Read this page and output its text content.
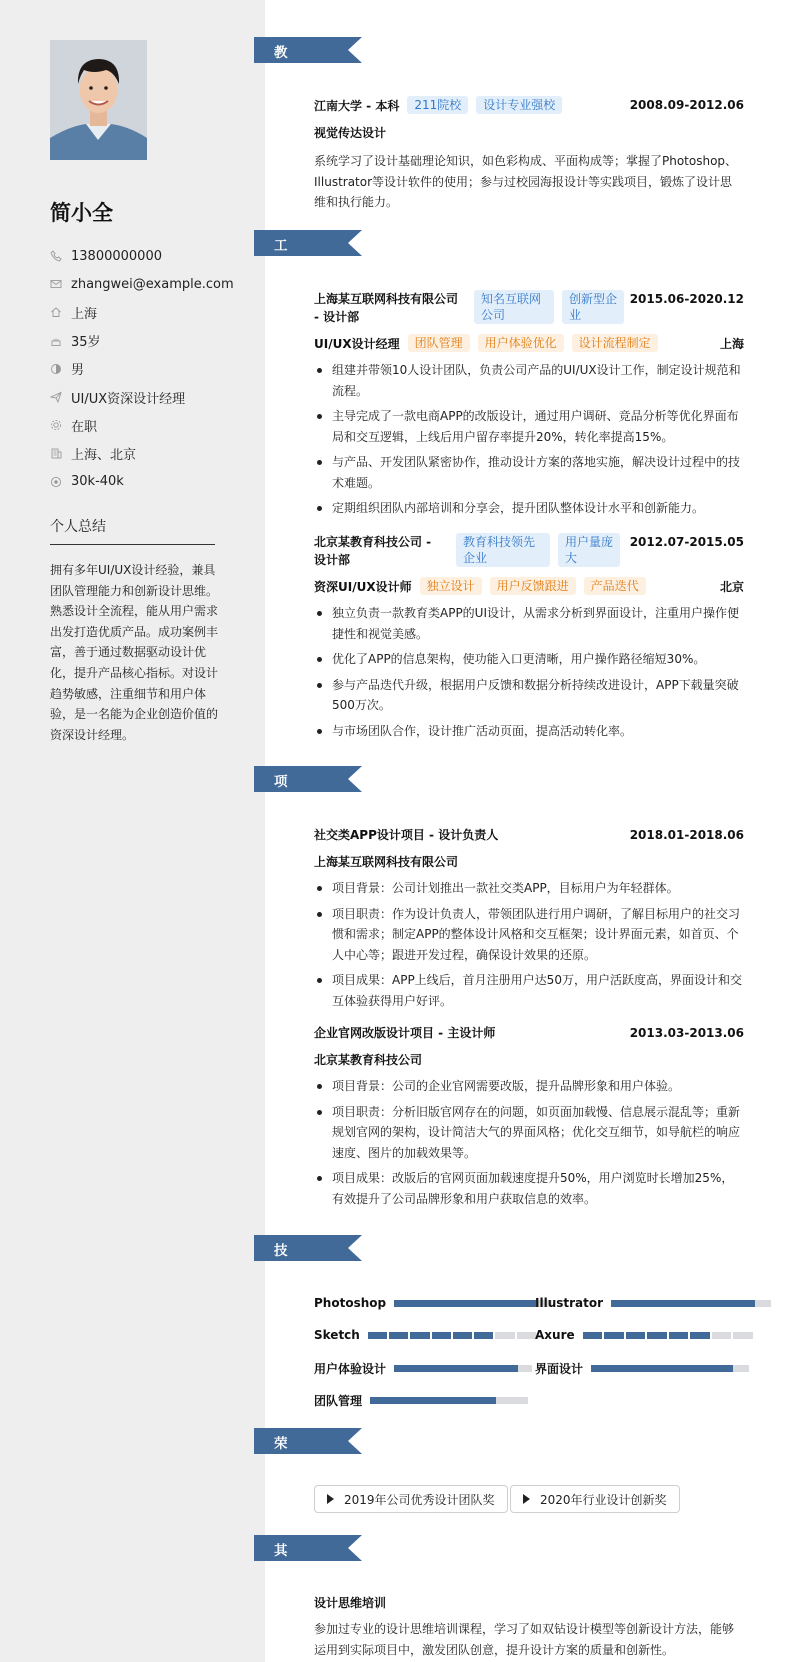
简小全
13800000000
zhangwei@example.com
上海
35岁
男
UI/UX资深设计经理
在职
上海、北京
30k-40k
个人总结
拥有多年UI/UX设计经验，兼具团队管理能力和创新设计思维。熟悉设计全流程，能从用户需求出发打造优质产品。成功案例丰富，善于通过数据驱动设计优化，提升产品核心指标。对设计趋势敏感，注重细节和用户体验，是一名能为企业创造价值的资深设计经理。
教育经历
工作经历
项目经历
技能专长
荣誉奖项
其他信息
江南大学 - 本科	211院校	设计专业强校	2008.09-2012.06
视觉传达设计
系统学习了设计基础理论知识，如色彩构成、平面构成等；掌握了Photoshop、Illustrator等设计软件的使用；参与过校园海报设计等实践项目，锻炼了设计思维和执行能力。
上海某互联网科技有限公司 - 设计部
知名互联网公司
创新型企业
2015.06-2020.12
UI/UX设计经理	团队管理	用户体验优化	设计流程制定	上海
组建并带领10人设计团队，负责公司产品的UI/UX设计工作，制定设计规范和流程。
主导完成了一款电商APP的改版设计，通过用户调研、竞品分析等优化界面布局和交互逻辑，上线后用户留存率提升20%，转化率提高15%。
与产品、开发团队紧密协作，推动设计方案的落地实施，解决设计过程中的技术难题。
定期组织团队内部培训和分享会，提升团队整体设计水平和创新能力。
北京某教育科技公司 - 设计部
教育科技领先企业
用户量庞大
2012.07-2015.05
资深UI/UX设计师	独立设计	用户反馈跟进	产品迭代	北京
独立负责一款教育类APP的UI设计，从需求分析到界面设计，注重用户操作便捷性和视觉美感。
优化了APP的信息架构，使功能入口更清晰，用户操作路径缩短30%。
参与产品迭代升级，根据用户反馈和数据分析持续改进设计，APP下载量突破500万次。
与市场团队合作，设计推广活动页面，提高活动转化率。
社交类APP设计项目 - 设计负责人	2018.01-2018.06
上海某互联网科技有限公司
项目背景：公司计划推出一款社交类APP，目标用户为年轻群体。
项目职责：作为设计负责人，带领团队进行用户调研，了解目标用户的社交习惯和需求；制定APP的整体设计风格和交互框架；设计界面元素，如首页、个人中心等；跟进开发过程，确保设计效果的还原。
项目成果：APP上线后，首月注册用户达50万，用户活跃度高，界面设计和交互体验获得用户好评。
企业官网改版设计项目 - 主设计师	2013.03-2013.06
北京某教育科技公司
项目背景：公司的企业官网需要改版，提升品牌形象和用户体验。
项目职责：分析旧版官网存在的问题，如页面加载慢、信息展示混乱等；重新规划官网的架构，设计简洁大气的界面风格；优化交互细节，如导航栏的响应速度、图片的加载效果等。
项目成果：改版后的官网页面加载速度提升50%，用户浏览时长增加25%，有效提升了公司品牌形象和用户获取信息的效率。
Photoshop	Illustrator
Sketch	Axure
用户体验设计	界面设计
团队管理
2019年公司优秀设计团队奖	2020年行业设计创新奖
设计思维培训
参加过专业的设计思维培训课程，学习了如双钻设计模型等创新设计方法，能够运用到实际项目中，激发团队创意，提升设计方案的质量和创新性。
